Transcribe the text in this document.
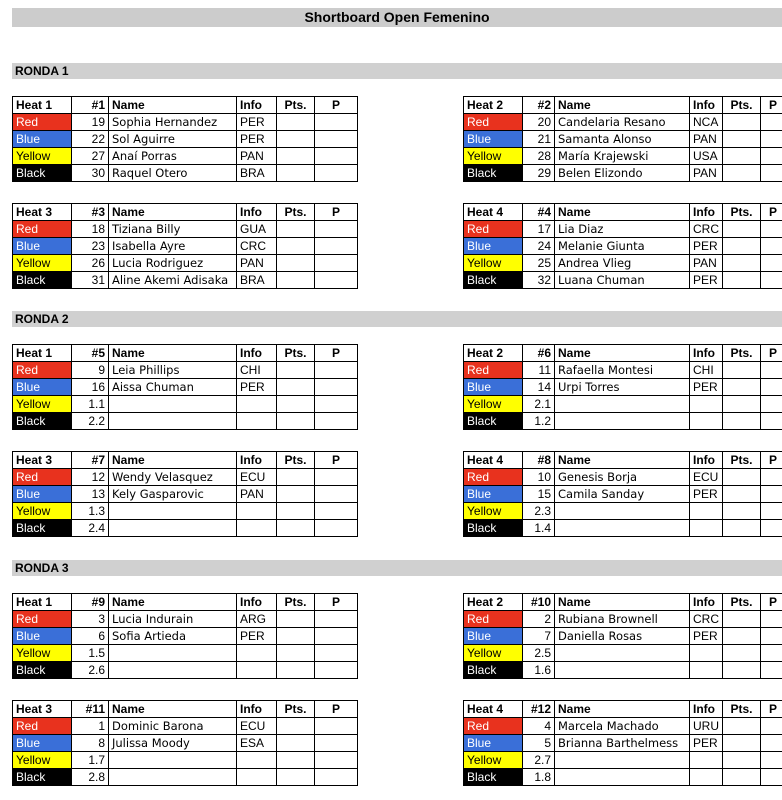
Shortboard Open Femenino
RONDA 1
Heat 1	#1	Name	Info	Pts.	P
Red	19	Sophia Hernandez	PER		
Blue	22	Sol Aguirre	PER		
Yellow	27	Anaí Porras	PAN		
Black	30	Raquel Otero	BRA		
Heat 2	#2	Name	Info	Pts.	P
Red	20	Candelaria Resano	NCA		
Blue	21	Samanta Alonso	PAN		
Yellow	28	María Krajewski	USA		
Black	29	Belen Elizondo	PAN		
Heat 3	#3	Name	Info	Pts.	P
Red	18	Tiziana Billy	GUA		
Blue	23	Isabella Ayre	CRC		
Yellow	26	Lucia Rodriguez	PAN		
Black	31	Aline Akemi Adisaka	BRA		
Heat 4	#4	Name	Info	Pts.	P
Red	17	Lia Diaz	CRC		
Blue	24	Melanie Giunta	PER		
Yellow	25	Andrea Vlieg	PAN		
Black	32	Luana Chuman	PER		
RONDA 2
Heat 1	#5	Name	Info	Pts.	P
Red	9	Leia Phillips	CHI		
Blue	16	Aissa Chuman	PER		
Yellow	1.1				
Black	2.2				
Heat 2	#6	Name	Info	Pts.	P
Red	11	Rafaella Montesi	CHI		
Blue	14	Urpi Torres	PER		
Yellow	2.1				
Black	1.2				
Heat 3	#7	Name	Info	Pts.	P
Red	12	Wendy Velasquez	ECU		
Blue	13	Kely Gasparovic	PAN		
Yellow	1.3				
Black	2.4				
Heat 4	#8	Name	Info	Pts.	P
Red	10	Genesis Borja	ECU		
Blue	15	Camila Sanday	PER		
Yellow	2.3				
Black	1.4				
RONDA 3
Heat 1	#9	Name	Info	Pts.	P
Red	3	Lucia Indurain	ARG		
Blue	6	Sofia Artieda	PER		
Yellow	1.5				
Black	2.6				
Heat 2	#10	Name	Info	Pts.	P
Red	2	Rubiana Brownell	CRC		
Blue	7	Daniella Rosas	PER		
Yellow	2.5				
Black	1.6				
Heat 3	#11	Name	Info	Pts.	P
Red	1	Dominic Barona	ECU		
Blue	8	Julissa Moody	ESA		
Yellow	1.7				
Black	2.8				
Heat 4	#12	Name	Info	Pts.	P
Red	4	Marcela Machado	URU		
Blue	5	Brianna Barthelmess	PER		
Yellow	2.7				
Black	1.8				
